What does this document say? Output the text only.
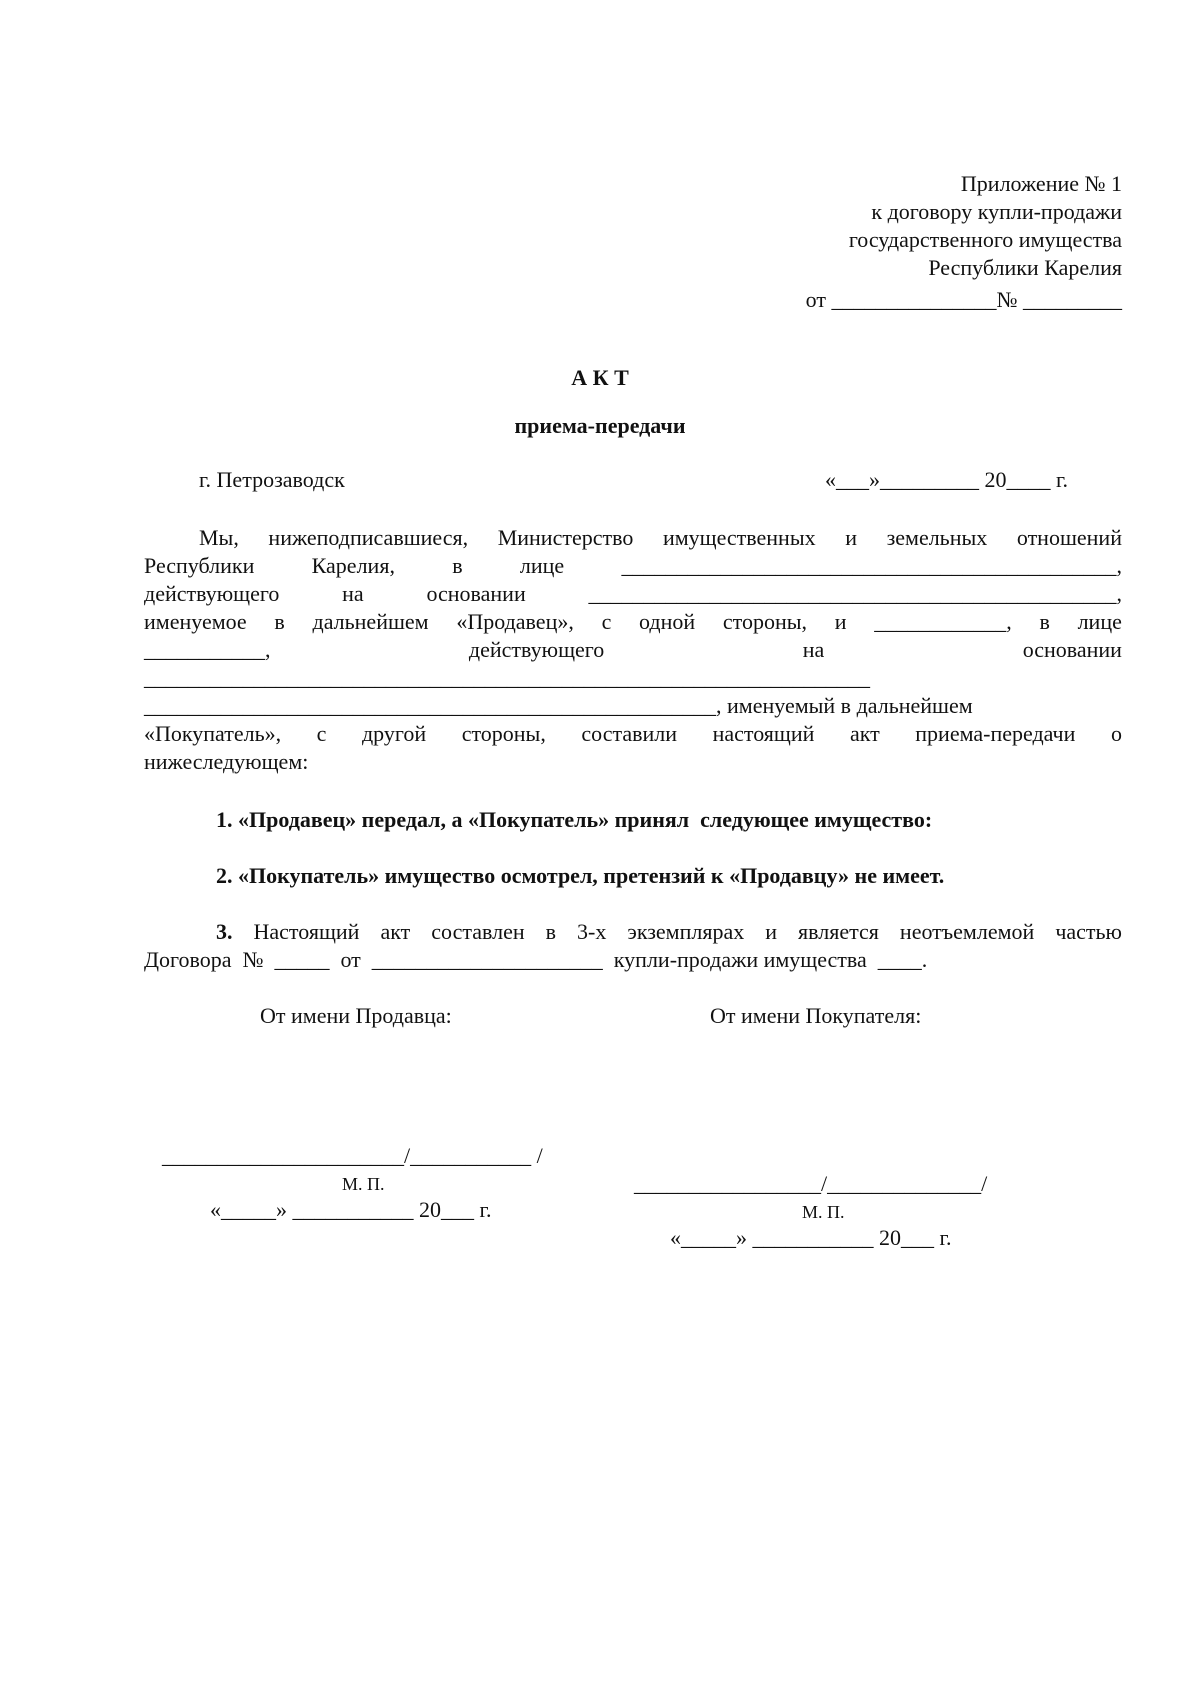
Приложение № 1
к договору купли-продажи
государственного имущества
Республики Карелия
от _______________№ _________
А К Т
приема-передачи
г. Петрозаводск	«___»_________ 20____ г.
Мы, нижеподписавшиеся, Министерство имущественных и земельных отношений
Республики	Карелия,	в	лице	_____________________________________________,
действующего	на	основании	________________________________________________,
именуемое в дальнейшем «Продавец», с одной стороны, и ____________, в лице
___________,	действующего	на	основании
__________________________________________________________________
____________________________________________________, именуемый в дальнейшем
«Покупатель», с другой стороны, составили настоящий акт приема-передачи о
нижеследующем:
1. «Продавец» передал, а «Покупатель» принял  следующее имущество:
2. «Покупатель» имущество осмотрел, претензий к «Продавцу» не имеет.
3. Настоящий акт составлен в 3-х экземплярах и является неотъемлемой частью
Договора  №  _____  от  _____________________  купли-продажи имущества  ____.
От имени Продавца:	От имени Покупателя:
______________________/___________ /
М. П.
«_____» ___________ 20___ г.
_________________/______________/
М. П.
«_____» ___________ 20___ г.
